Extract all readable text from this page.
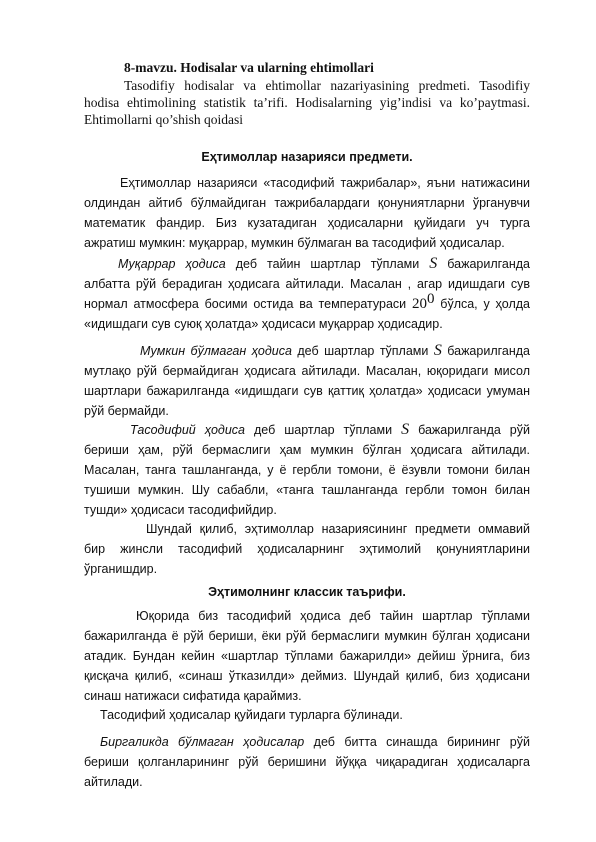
8-mavzu. Hodisalar va ularning ehtimollari
Tasodifiy hodisalar va ehtimollar nazariyasining predmeti. Tasodifiy hodisa ehtimolining statistik ta’rifi. Hodisalarning yig’indisi va ko’paytmasi. Ehtimollarni qo’shish qoidasi
Eҳтимоллар назарияси предмети.
Eҳтимоллар назарияси «тасодифий тажрибалар», яъни натижасини олдиндан айтиб бўлмайдиган тажрибалардаги қонуниятларни ўрганувчи математик фандир. Биз кузатадиган ҳодисаларни қуйидаги уч турга ажратиш мумкин: муқаррар, мумкин бўлмаган ва тасодифий ҳодисалар.
Муқаррар ҳодиса деб тайин шартлар тўплами S бажарилганда албатта рўй берадиган ҳодисага айтилади. Масалан , агар идишдаги сув нормал атмосфера босими остида ва температураси $20^0$ бўлса, у ҳолда «идишдаги сув суюқ ҳолатда» ҳодисаси муқаррар ҳодисадир.
Мумкин бўлмаган ҳодиса деб шартлар тўплами S бажарилганда мутлақо рўй бермайдиган ҳодисага айтилади. Масалан, юқоридаги мисол шартлари бажарилганда «идишдаги сув қаттиқ ҳолатда» ҳодисаси умуман рўй бермайди.
Тасодифий ҳодиса деб шартлар тўплами S бажарилганда рўй бериши ҳам, рўй бермаслиги ҳам мумкин бўлган ҳодисага айтилади. Масалан, танга ташланганда, у ё гербли томони, ё ёзувли томони билан тушиши мумкин. Шу сабабли, «танга ташланганда гербли томон билан тушди» ҳодисаси тасодифийдир.
Шундай қилиб, эҳтимоллар назариясининг предмети оммавий бир жинсли тасодифий ҳодисаларнинг эҳтимолий қонуниятларини ўрганишдир.
Эҳтимолнинг классик таърифи.
Юқорида биз тасодифий ҳодиса деб тайин шартлар тўплами бажарилганда ё рўй бериши, ёки рўй бермаслиги мумкин бўлган ҳодисани атадик. Бундан кейин «шартлар тўплами бажарилди» дейиш ўрнига, биз қисқача қилиб, «синаш ўтказилди» деймиз. Шундай қилиб, биз ҳодисани синаш натижаси сифатида қараймиз.
Тасодифий ҳодисалар қуйидаги турларга бўлинади.
Биргаликда бўлмаган ҳодисалар деб битта синашда бирининг рўй бериши қолганларининг рўй беришини йўққа чиқарадиган ҳодисаларга айтилади.
